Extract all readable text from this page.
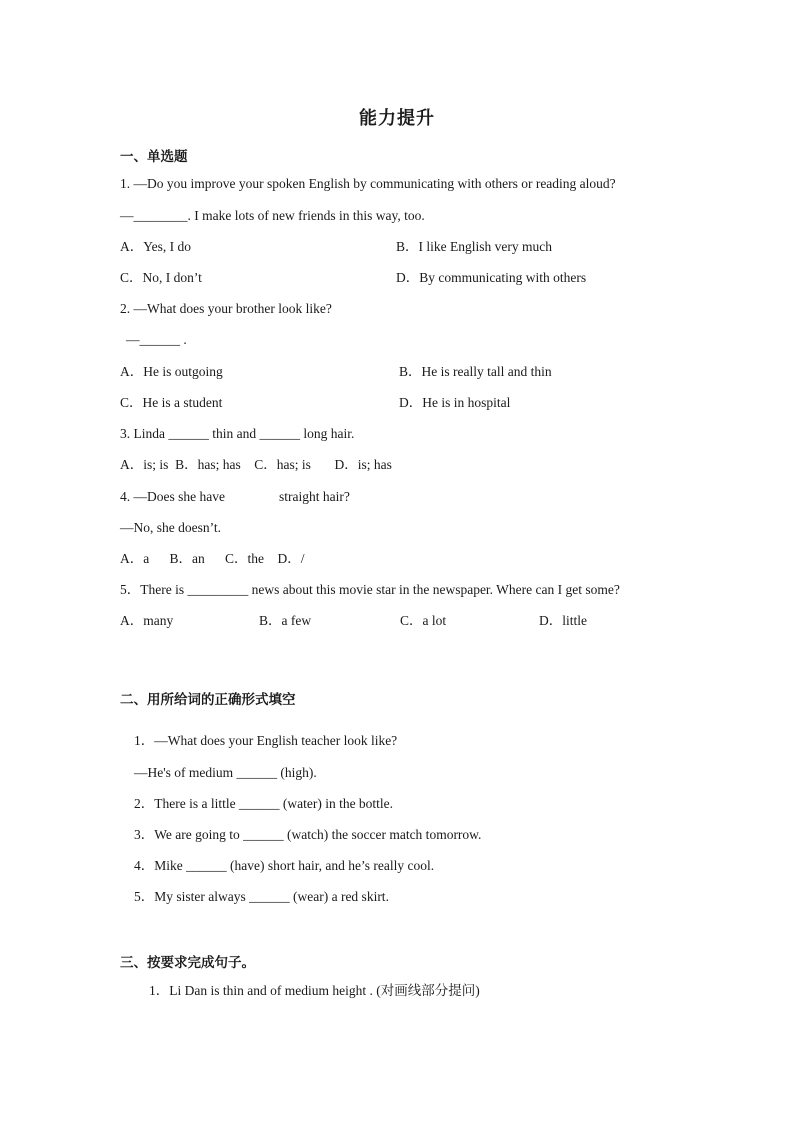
能力提升
一、单选题
1. —Do you improve your spoken English by communicating with others or reading aloud?
—________. I make lots of new friends in this way, too.
A．Yes, I do	B．I like English very much
C．No, I don’t	D．By communicating with others
2. —What does your brother look like?
—______ .
A．He is outgoing	B．He is really tall and thin
C．He is a student	D．He is in hospital
3. Linda ______ thin and ______ long hair.
A．is; is  B．has; has    C．has; is       D．is; has
4. —Does she have                straight hair?
—No, she doesn’t.
A．a      B．an      C．the    D．/
5．There is _________ news about this movie star in the newspaper. Where can I get some?
A．many	B．a few	C．a lot	D．little
二、用所给词的正确形式填空
1．—What does your English teacher look like?
—He's of medium ______ (high).
2．There is a little ______ (water) in the bottle.
3．We are going to ______ (watch) the soccer match tomorrow.
4．Mike ______ (have) short hair, and he’s really cool.
5．My sister always ______ (wear) a red skirt.
三、按要求完成句子。
1．Li Dan is thin and of medium height . (对画线部分提问)
